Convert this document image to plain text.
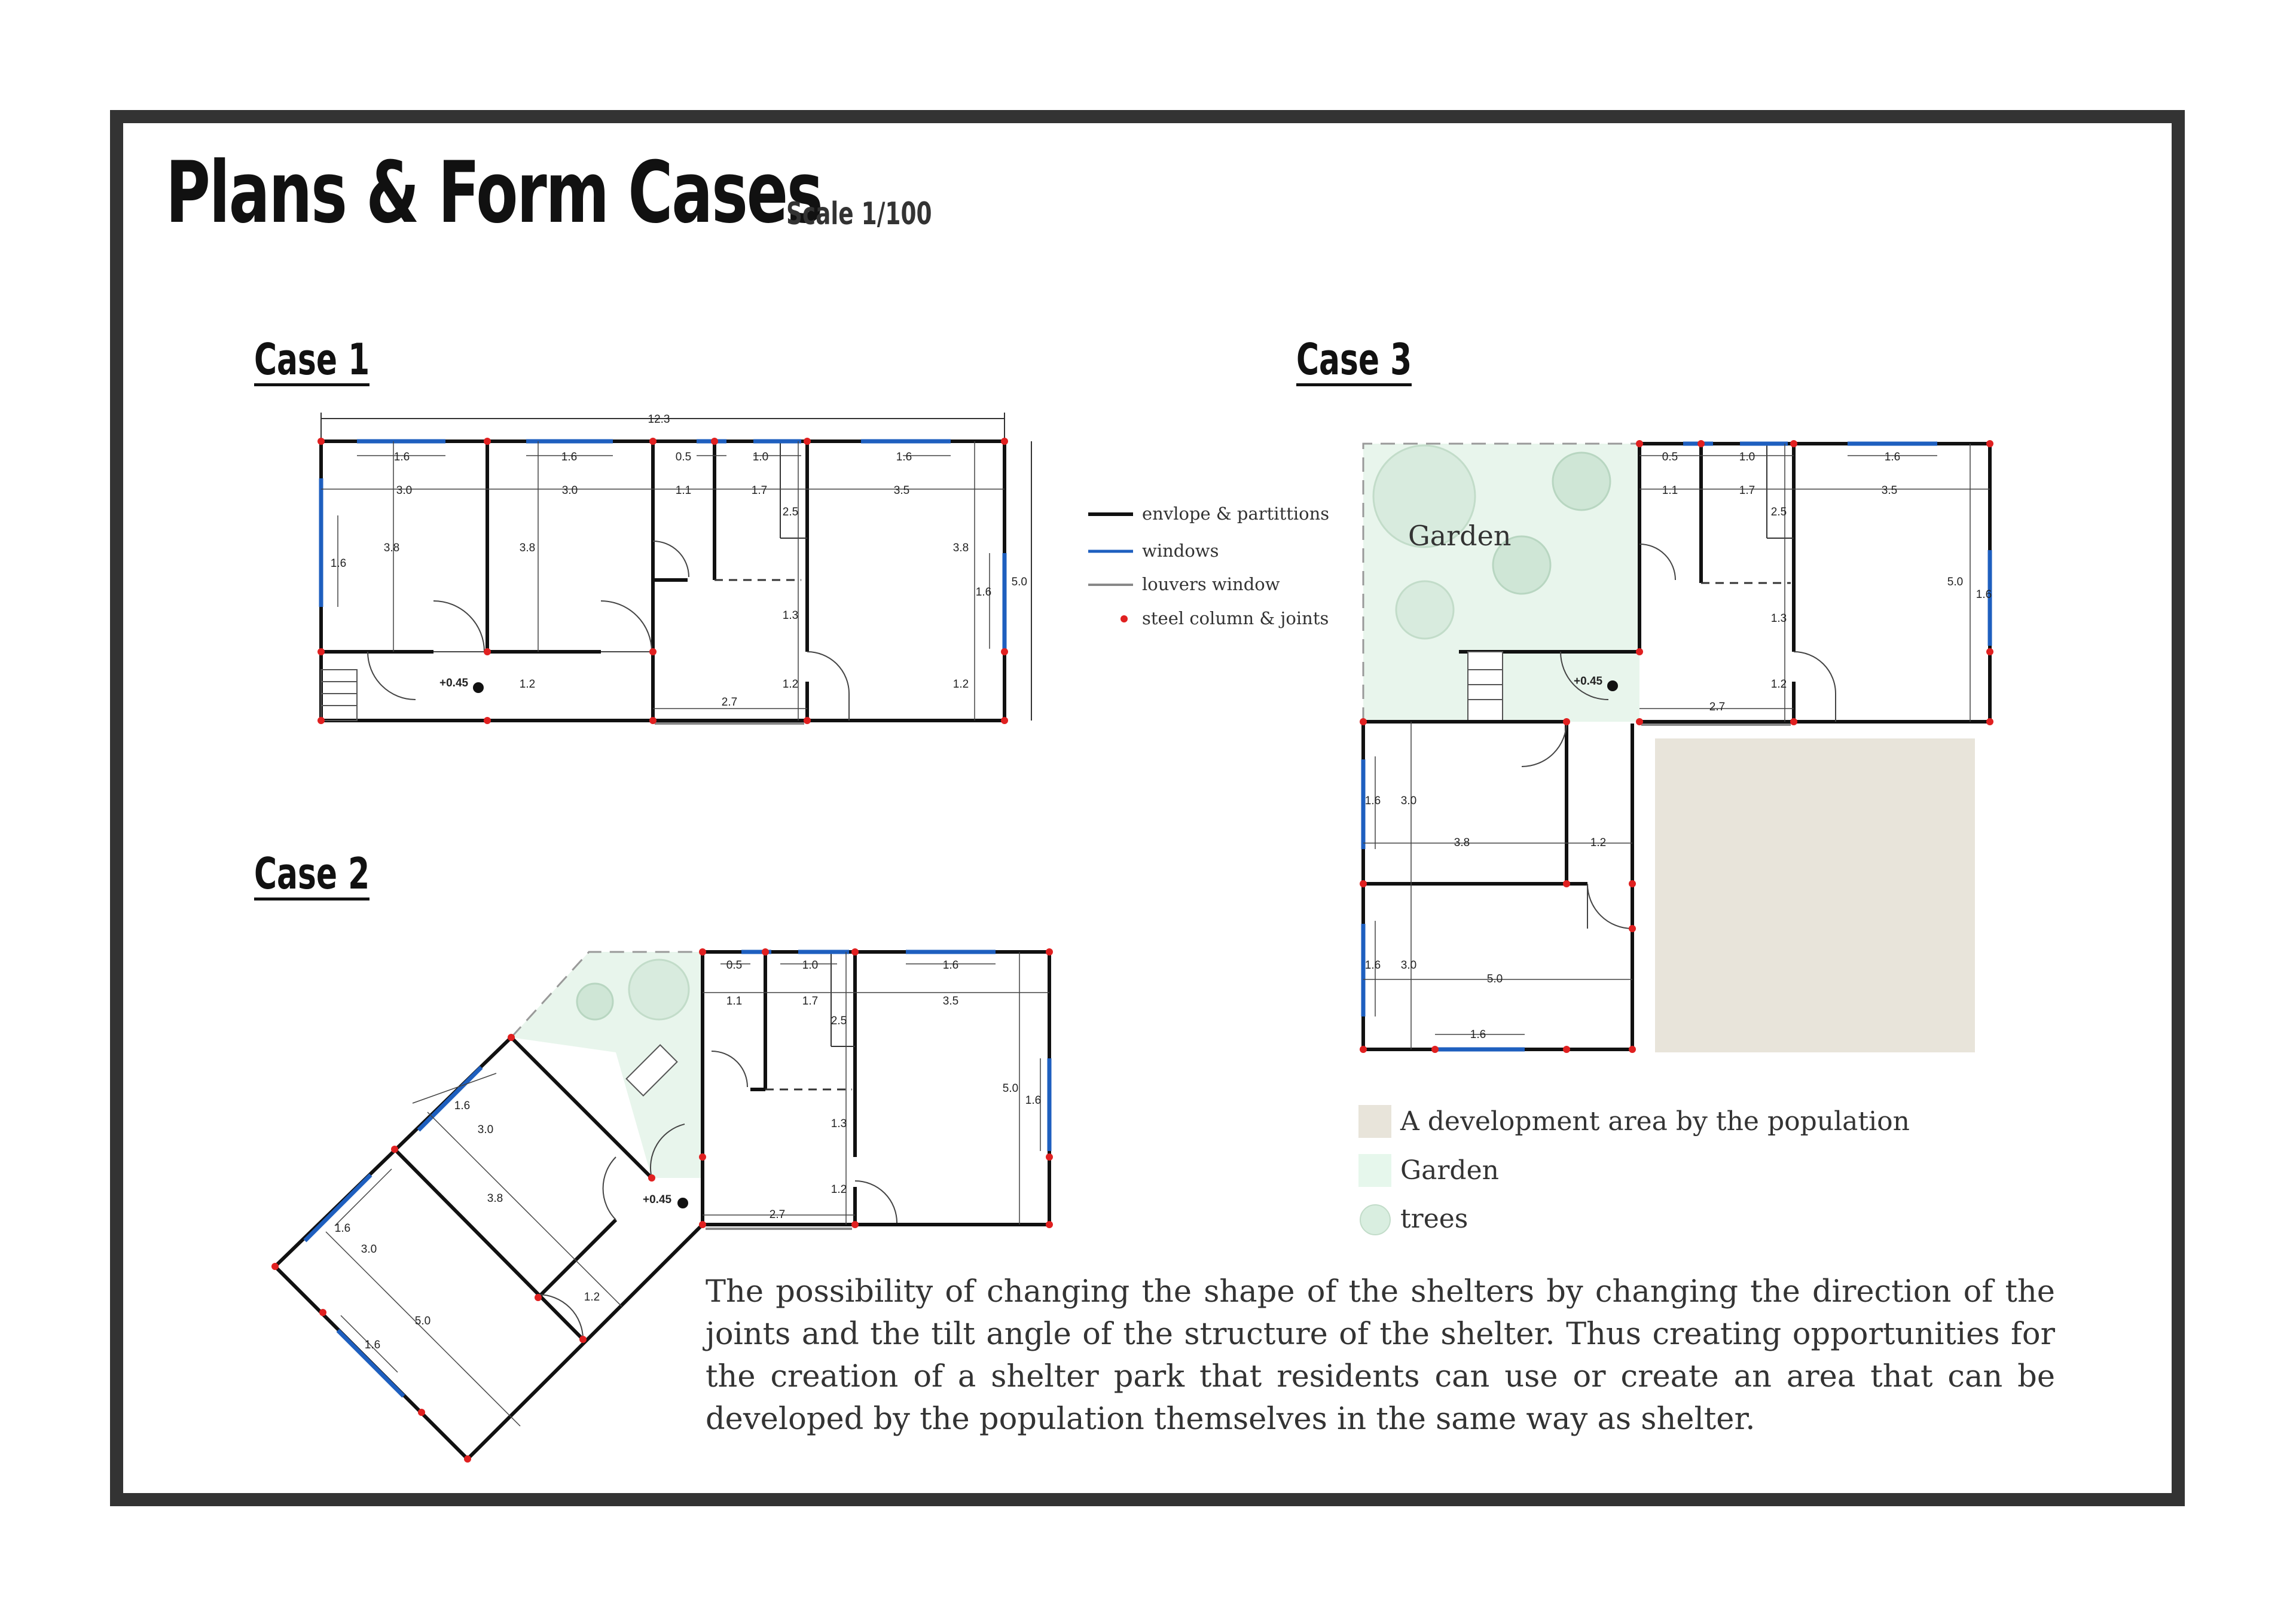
Plans & Form Cases
Scale 1/100
Case 1	Case 3
Case 2
12.3
5.0
1.6	1.6	0.5	1.0	1.6
3.0	3.0	1.1	1.7	3.5
3.8	3.8	3.8
1.6
1.6
2.5
1.3
1.2	1.2	1.2
2.7
+0.45
envlope & partittions
windows
louvers window
steel column & joints
Garden
0.5	1.0	1.6
1.1	1.7	3.5
2.5
1.3
1.2
2.7
5.0
1.6
+0.45
1.6 3.0
3.8	1.2
1.6 3.0
5.0
1.6
0.5	1.0	1.6
1.1	1.7	3.5
2.5
1.3
1.2
2.7
5.0
1.6
+0.45
1.6
3.0
3.8
1.6
3.0
5.0
1.6
1.2
A development area by the population
Garden
trees
The possibility of changing the shape of the shelters by changing the direction of the joints and the tilt angle of the structure of the shelter. Thus creating opportunities for the creation of a shelter park that residents can use or create an area that can be developed by the population themselves in the same way as shelter.
